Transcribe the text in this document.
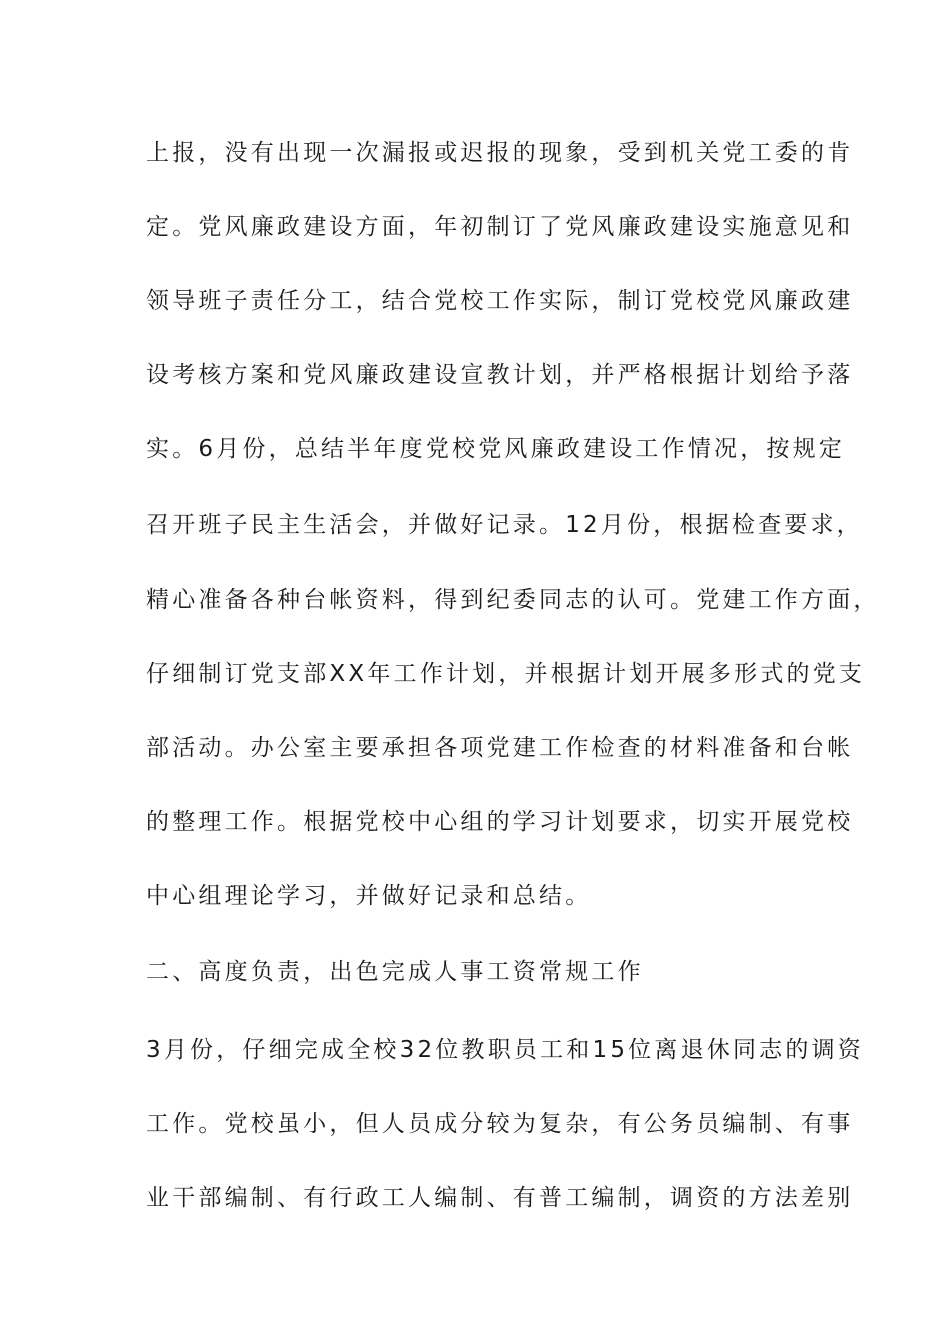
上报，没有出现一次漏报或迟报的现象，受到机关党工委的肯
定。党风廉政建设方面，年初制订了党风廉政建设实施意见和
领导班子责任分工，结合党校工作实际，制订党校党风廉政建
设考核方案和党风廉政建设宣教计划，并严格根据计划给予落
实。6月份，总结半年度党校党风廉政建设工作情况，按规定
召开班子民主生活会，并做好记录。12月份，根据检查要求，
精心准备各种台帐资料，得到纪委同志的认可。党建工作方面，
仔细制订党支部XX年工作计划，并根据计划开展多形式的党支
部活动。办公室主要承担各项党建工作检查的材料准备和台帐
的整理工作。根据党校中心组的学习计划要求，切实开展党校
中心组理论学习，并做好记录和总结。
二、高度负责，出色完成人事工资常规工作
3月份，仔细完成全校32位教职员工和15位离退休同志的调资
工作。党校虽小，但人员成分较为复杂，有公务员编制、有事
业干部编制、有行政工人编制、有普工编制，调资的方法差别
